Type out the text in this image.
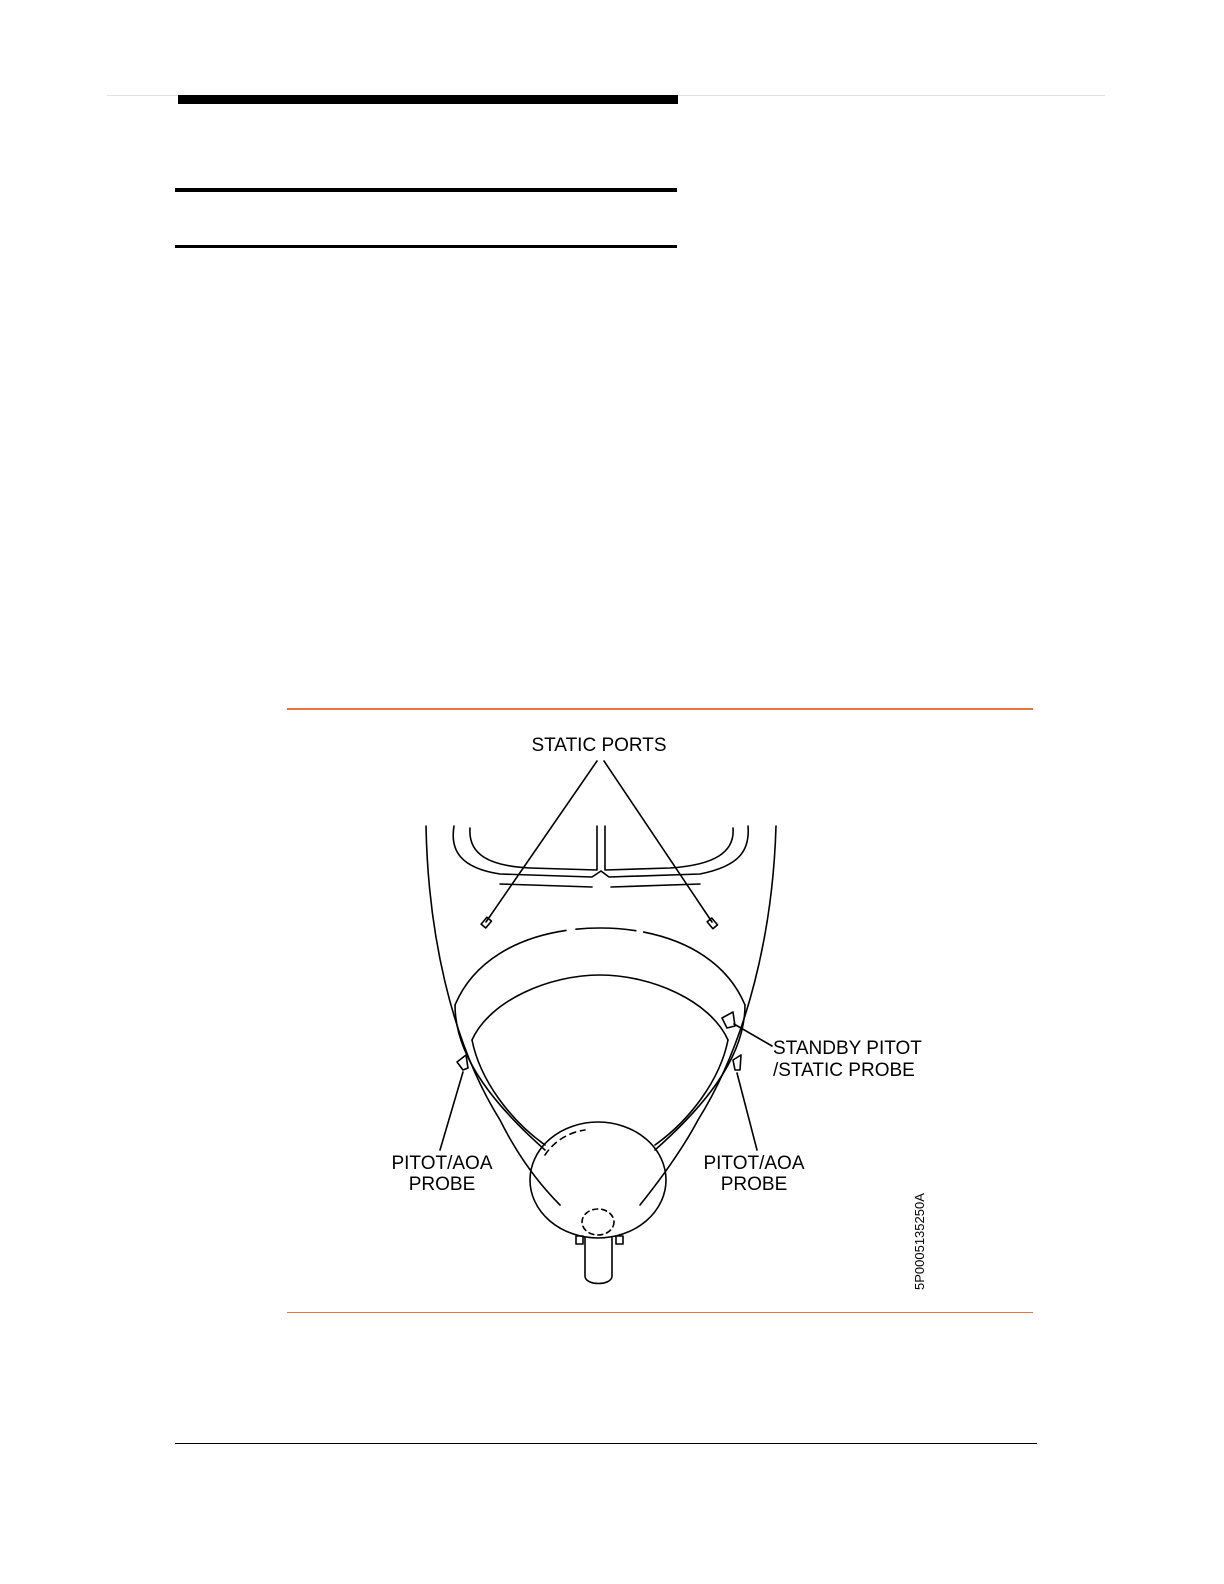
STATIC PORTS
STANDBY PITOT
/STATIC PROBE
PITOT/AOA
PROBE
PITOT/AOA
PROBE
5P0005135250A
